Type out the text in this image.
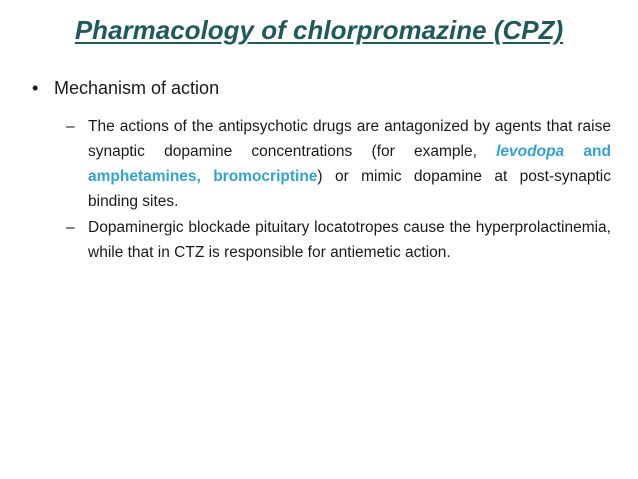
Pharmacology of chlorpromazine (CPZ)
• Mechanism of action
– The actions of the antipsychotic drugs are antagonized by agents that raise synaptic dopamine concentrations (for example, levodopa and amphetamines, bromocriptine) or mimic dopamine at post-synaptic binding sites.
– Dopaminergic blockade pituitary locatotropes cause the hyperprolactinemia, while that in CTZ is responsible for antiemetic action.
